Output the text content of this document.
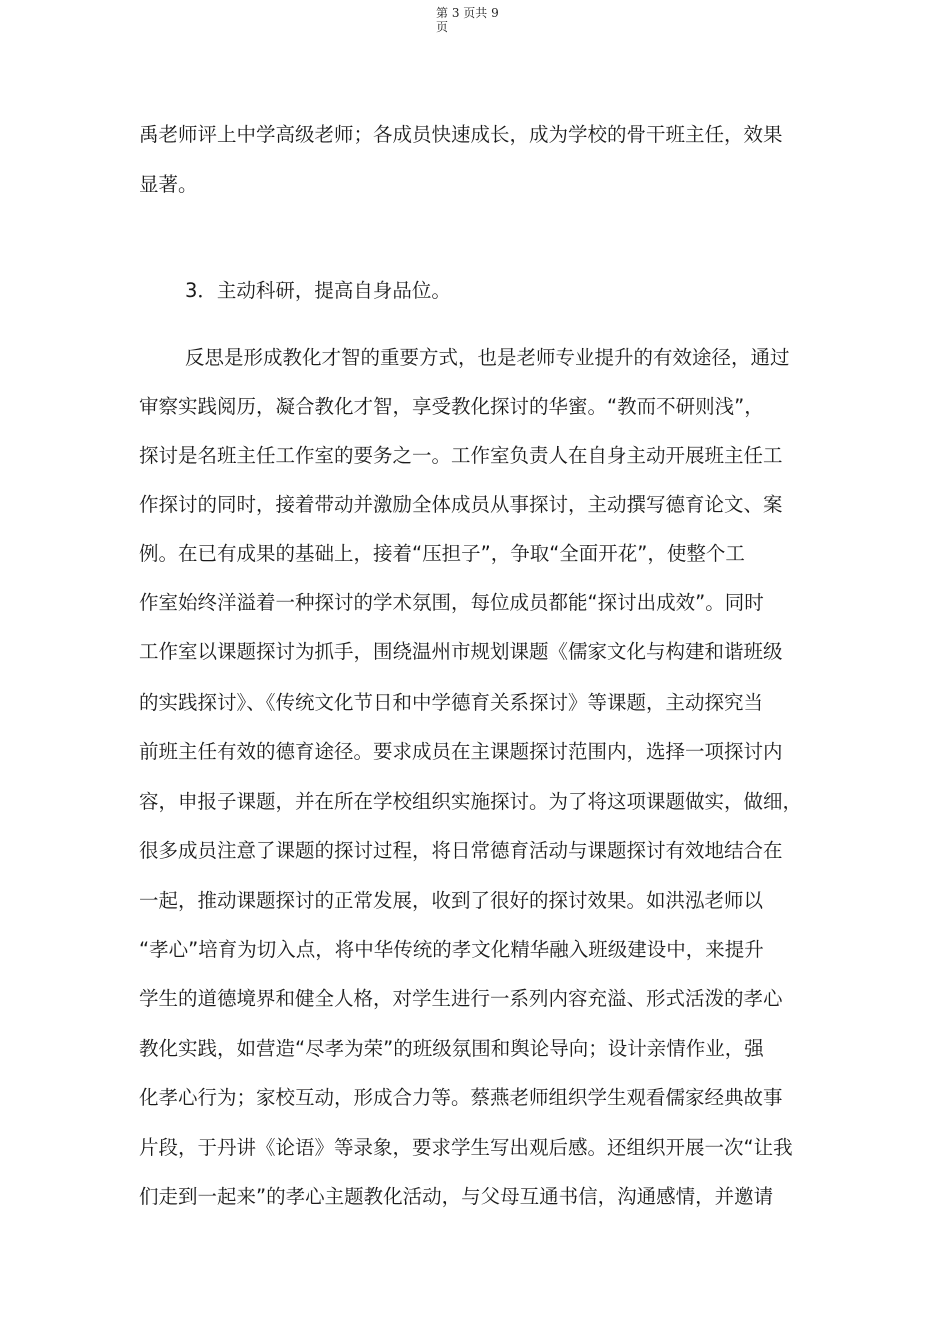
第 3 页共 9
页
禹老师评上中学高级老师；各成员快速成长，成为学校的骨干班主任，效果
显著。
3．主动科研，提高自身品位。
反思是形成教化才智的重要方式，也是老师专业提升的有效途径，通过
审察实践阅历，凝合教化才智，享受教化探讨的华蜜。“教而不研则浅”，
探讨是名班主任工作室的要务之一。工作室负责人在自身主动开展班主任工
作探讨的同时，接着带动并激励全体成员从事探讨，主动撰写德育论文、案
例。在已有成果的基础上，接着“压担子”，争取“全面开花”，使整个工
作室始终洋溢着一种探讨的学术氛围，每位成员都能“探讨出成效”。同时
工作室以课题探讨为抓手，围绕温州市规划课题《儒家文化与构建和谐班级
的实践探讨》、《传统文化节日和中学德育关系探讨》等课题，主动探究当
前班主任有效的德育途径。要求成员在主课题探讨范围内，选择一项探讨内
容，申报子课题，并在所在学校组织实施探讨。为了将这项课题做实，做细，
很多成员注意了课题的探讨过程，将日常德育活动与课题探讨有效地结合在
一起，推动课题探讨的正常发展，收到了很好的探讨效果。如洪泓老师以
“孝心”培育为切入点，将中华传统的孝文化精华融入班级建设中，来提升
学生的道德境界和健全人格，对学生进行一系列内容充溢、形式活泼的孝心
教化实践，如营造“尽孝为荣”的班级氛围和舆论导向；设计亲情作业，强
化孝心行为；家校互动，形成合力等。蔡燕老师组织学生观看儒家经典故事
片段，于丹讲《论语》等录象，要求学生写出观后感。还组织开展一次“让我
们走到一起来”的孝心主题教化活动，与父母互通书信，沟通感情，并邀请
